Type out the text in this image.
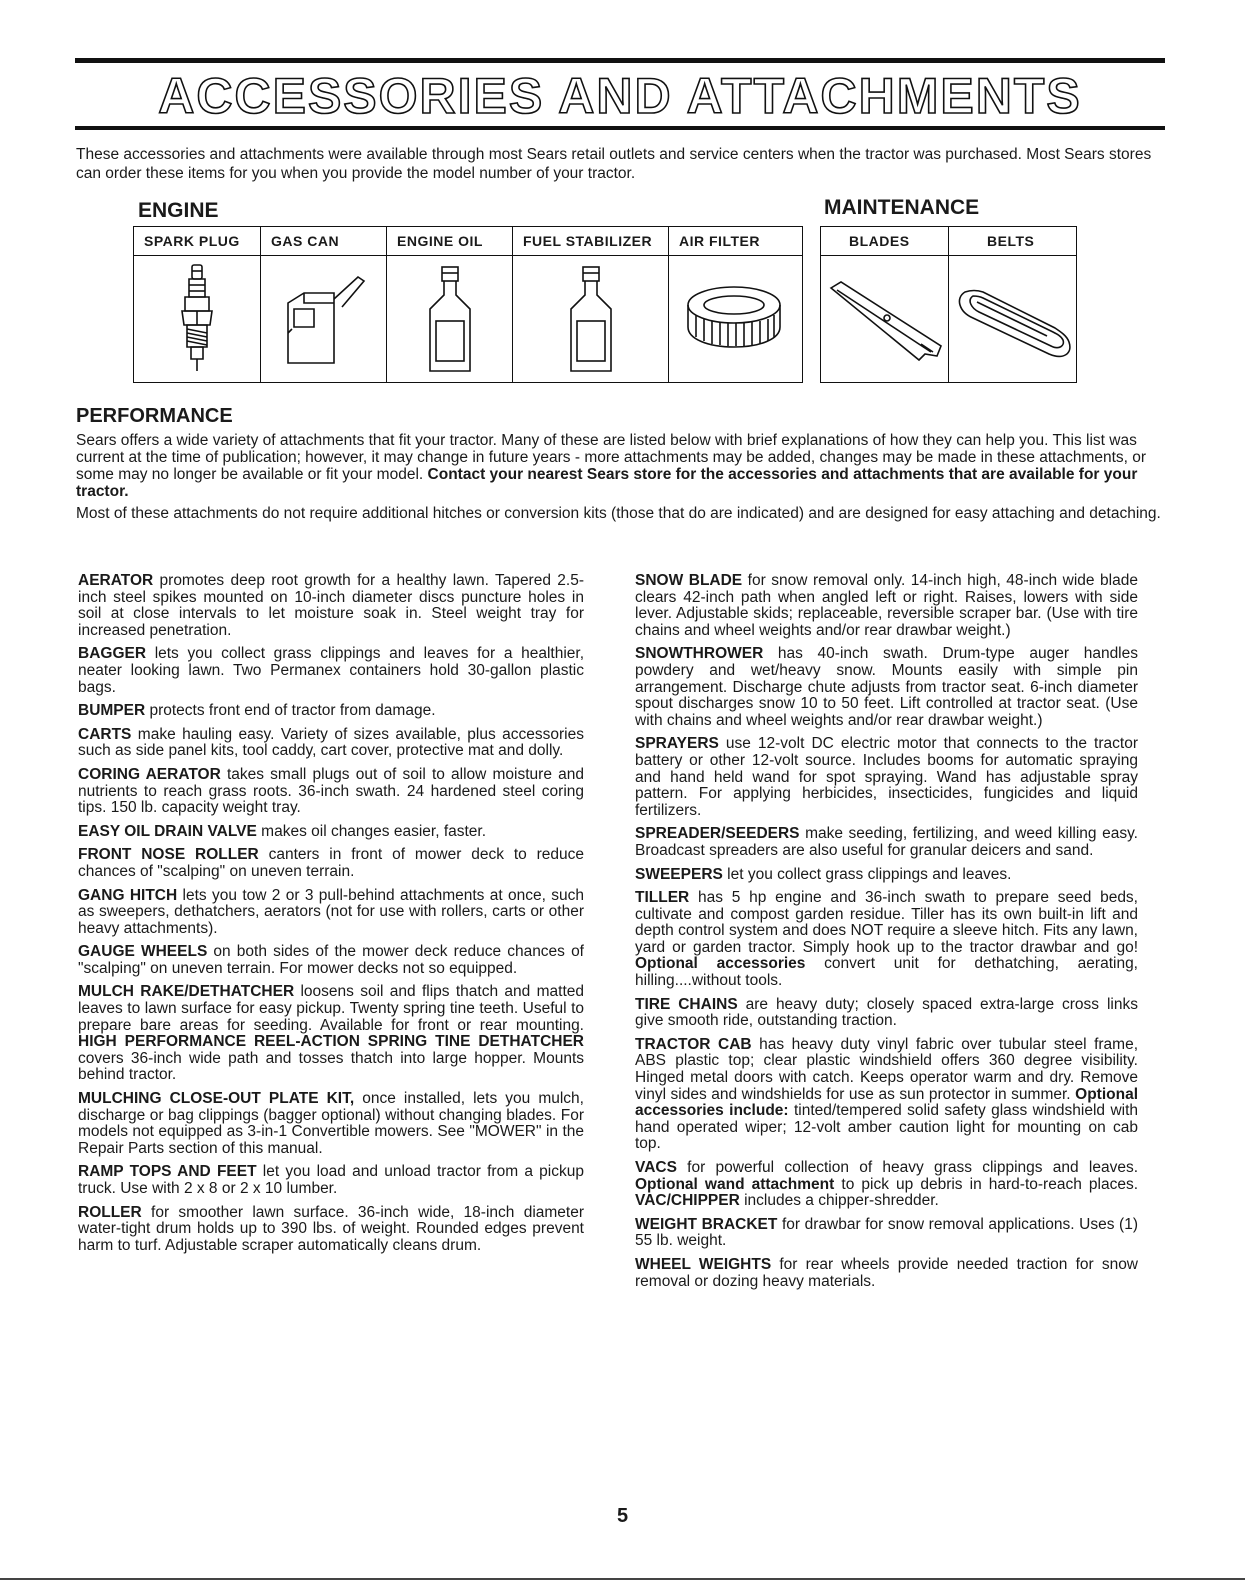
ACCESSORIES AND ATTACHMENTS

These accessories and attachments were available through most Sears retail outlets and service centers when the tractor was purchased. Most Sears stores can order these items for you when you provide the model number of your tractor.

ENGINE	MAINTENANCE
SPARK PLUG	GAS CAN	ENGINE OIL	FUEL STABILIZER	AIR FILTER

		BLADES	BELTS

PERFORMANCE

Sears offers a wide variety of attachments that fit your tractor. Many of these are listed below with brief explanations of how they can help you. This list was current at the time of publication; however, it may change in future years - more attachments may be added, changes may be made in these attachments, or some may no longer be available or fit your model. Contact your nearest Sears store for the accessories and attachments that are available for your tractor.

Most of these attachments do not require additional hitches or conversion kits (those that do are indicated) and are designed for easy attaching and detaching.

AERATOR promotes deep root growth for a healthy lawn. Tapered 2.5-inch steel spikes mounted on 10-inch diameter discs puncture holes in soil at close intervals to let moisture soak in. Steel weight tray for increased penetration.

BAGGER lets you collect grass clippings and leaves for a healthier, neater looking lawn. Two Permanex containers hold 30-gallon plastic bags.

BUMPER protects front end of tractor from damage.

CARTS make hauling easy. Variety of sizes available, plus accessories such as side panel kits, tool caddy, cart cover, protective mat and dolly.

CORING AERATOR takes small plugs out of soil to allow moisture and nutrients to reach grass roots. 36-inch swath. 24 hardened steel coring tips. 150 lb. capacity weight tray.

EASY OIL DRAIN VALVE makes oil changes easier, faster.

FRONT NOSE ROLLER canters in front of mower deck to reduce chances of "scalping" on uneven terrain.

GANG HITCH lets you tow 2 or 3 pull-behind attachments at once, such as sweepers, dethatchers, aerators (not for use with rollers, carts or other heavy attachments).

GAUGE WHEELS on both sides of the mower deck reduce chances of "scalping" on uneven terrain. For mower decks not so equipped.

MULCH RAKE/DETHATCHER loosens soil and flips thatch and matted leaves to lawn surface for easy pickup. Twenty spring tine teeth. Useful to prepare bare areas for seeding. Available for front or rear mounting. HIGH PERFORMANCE REEL-ACTION SPRING TINE DETHATCHER covers 36-inch wide path and tosses thatch into large hopper. Mounts behind tractor.

MULCHING CLOSE-OUT PLATE KIT, once installed, lets you mulch, discharge or bag clippings (bagger optional) without changing blades. For models not equipped as 3-in-1 Convertible mowers. See "MOWER" in the Repair Parts section of this manual.

RAMP TOPS AND FEET let you load and unload tractor from a pickup truck. Use with 2 x 8 or 2 x 10 lumber.

ROLLER for smoother lawn surface. 36-inch wide, 18-inch diameter water-tight drum holds up to 390 lbs. of weight. Rounded edges prevent harm to turf. Adjustable scraper automatically cleans drum.

SNOW BLADE for snow removal only. 14-inch high, 48-inch wide blade clears 42-inch path when angled left or right. Raises, lowers with side lever. Adjustable skids; replaceable, reversible scraper bar. (Use with tire chains and wheel weights and/or rear drawbar weight.)

SNOWTHROWER has 40-inch swath. Drum-type auger handles powdery and wet/heavy snow. Mounts easily with simple pin arrangement. Discharge chute adjusts from tractor seat. 6-inch diameter spout discharges snow 10 to 50 feet. Lift controlled at tractor seat. (Use with chains and wheel weights and/or rear drawbar weight.)

SPRAYERS use 12-volt DC electric motor that connects to the tractor battery or other 12-volt source. Includes booms for automatic spraying and hand held wand for spot spraying. Wand has adjustable spray pattern. For applying herbicides, insecticides, fungicides and liquid fertilizers.

SPREADER/SEEDERS make seeding, fertilizing, and weed killing easy. Broadcast spreaders are also useful for granular deicers and sand.

SWEEPERS let you collect grass clippings and leaves.

TILLER has 5 hp engine and 36-inch swath to prepare seed beds, cultivate and compost garden residue. Tiller has its own built-in lift and depth control system and does NOT require a sleeve hitch. Fits any lawn, yard or garden tractor. Simply hook up to the tractor drawbar and go! Optional accessories convert unit for dethatching, aerating, hilling....without tools.

TIRE CHAINS are heavy duty; closely spaced extra-large cross links give smooth ride, outstanding traction.

TRACTOR CAB has heavy duty vinyl fabric over tubular steel frame, ABS plastic top; clear plastic windshield offers 360 degree visibility. Hinged metal doors with catch. Keeps operator warm and dry. Remove vinyl sides and windshields for use as sun protector in summer. Optional accessories include: tinted/tempered solid safety glass windshield with hand operated wiper; 12-volt amber caution light for mounting on cab top.

VACS for powerful collection of heavy grass clippings and leaves. Optional wand attachment to pick up debris in hard-to-reach places. VAC/CHIPPER includes a chipper-shredder.

WEIGHT BRACKET for drawbar for snow removal applications. Uses (1) 55 lb. weight.

WHEEL WEIGHTS for rear wheels provide needed traction for snow removal or dozing heavy materials.

5
